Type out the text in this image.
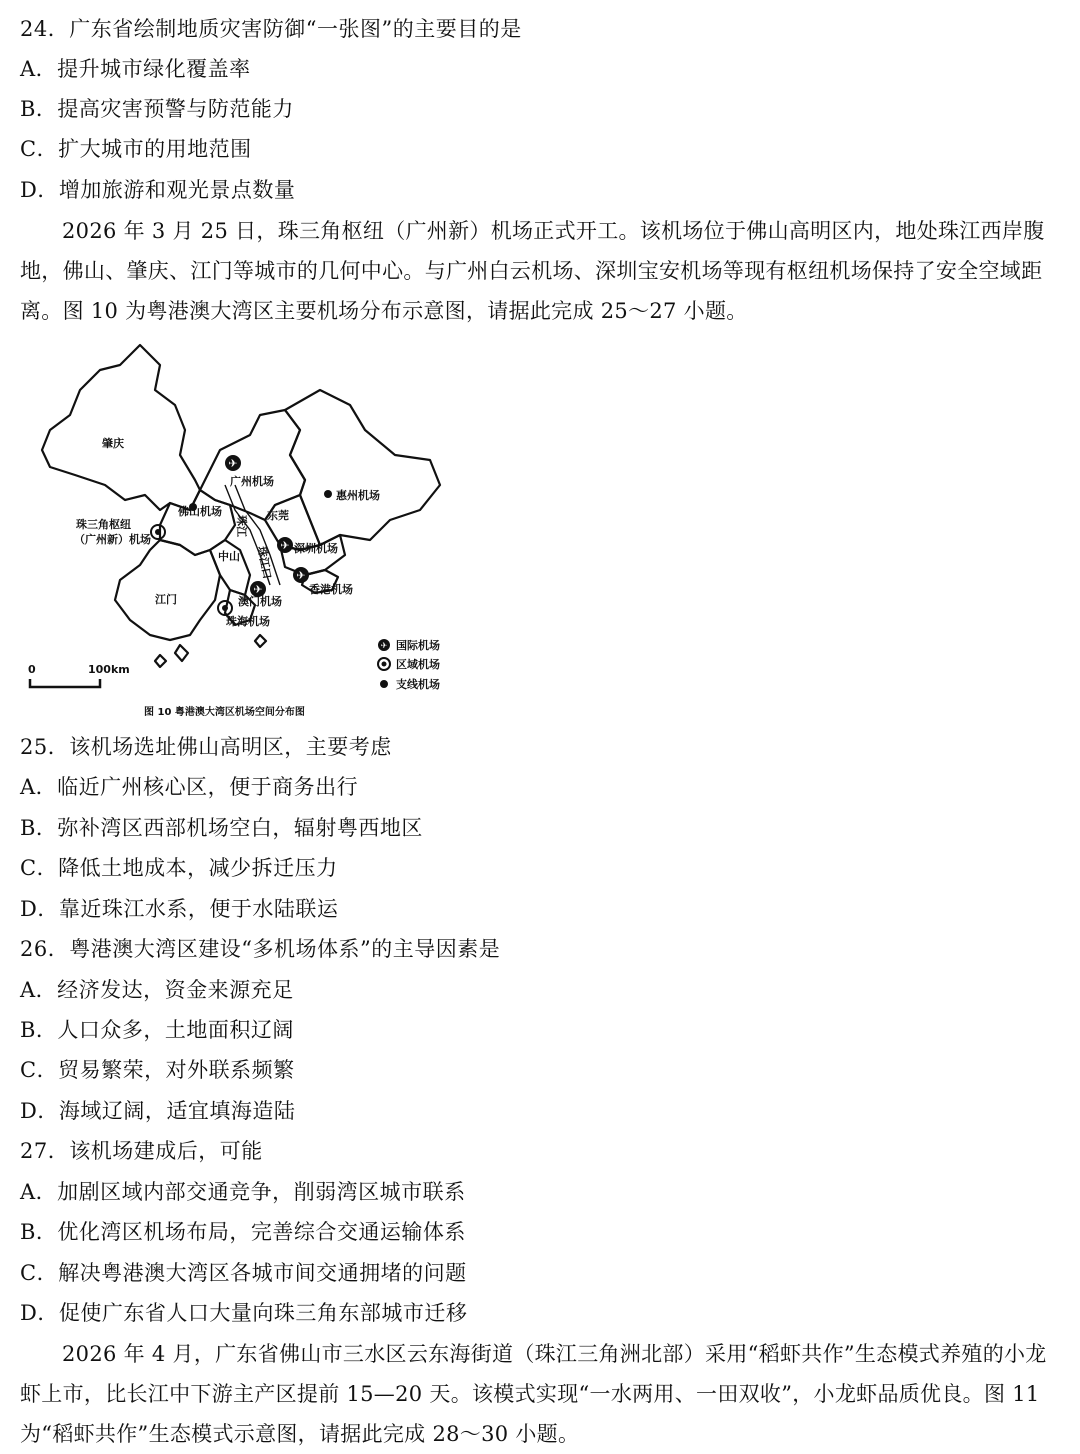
24．广东省绘制地质灾害防御“一张图”的主要目的是
A．提升城市绿化覆盖率
B．提高灾害预警与防范能力
C．扩大城市的用地范围
D．增加旅游和观光景点数量
2026 年 3 月 25 日，珠三角枢纽（广州新）机场正式开工。该机场位于佛山高明区内，地处珠江西岸腹地，佛山、肇庆、江门等城市的几何中心。与广州白云机场、深圳宝安机场等现有枢纽机场保持了安全空域距离。图 10 为粤港澳大湾区主要机场分布示意图，请据此完成 25～27 小题。
肇庆
东莞
中山
江门
珠江
珠江口
✈
✈
✈
✈
广州机场
佛山机场
惠州机场
深圳机场
珠三角枢纽
（广州新）机场
香港机场
澳门机场
珠海机场
✈ 国际机场
区域机场
支线机场
0	100km
图 10 粤港澳大湾区机场空间分布图
25．该机场选址佛山高明区，主要考虑
A．临近广州核心区，便于商务出行
B．弥补湾区西部机场空白，辐射粤西地区
C．降低土地成本，减少拆迁压力
D．靠近珠江水系，便于水陆联运
26．粤港澳大湾区建设“多机场体系”的主导因素是
A．经济发达，资金来源充足
B．人口众多，土地面积辽阔
C．贸易繁荣，对外联系频繁
D．海域辽阔，适宜填海造陆
27．该机场建成后，可能
A．加剧区域内部交通竞争，削弱湾区城市联系
B．优化湾区机场布局，完善综合交通运输体系
C．解决粤港澳大湾区各城市间交通拥堵的问题
D．促使广东省人口大量向珠三角东部城市迁移
2026 年 4 月，广东省佛山市三水区云东海街道（珠江三角洲北部）采用“稻虾共作”生态模式养殖的小龙虾上市，比长江中下游主产区提前 15—20 天。该模式实现“一水两用、一田双收”，小龙虾品质优良。图 11 为“稻虾共作”生态模式示意图，请据此完成 28～30 小题。
